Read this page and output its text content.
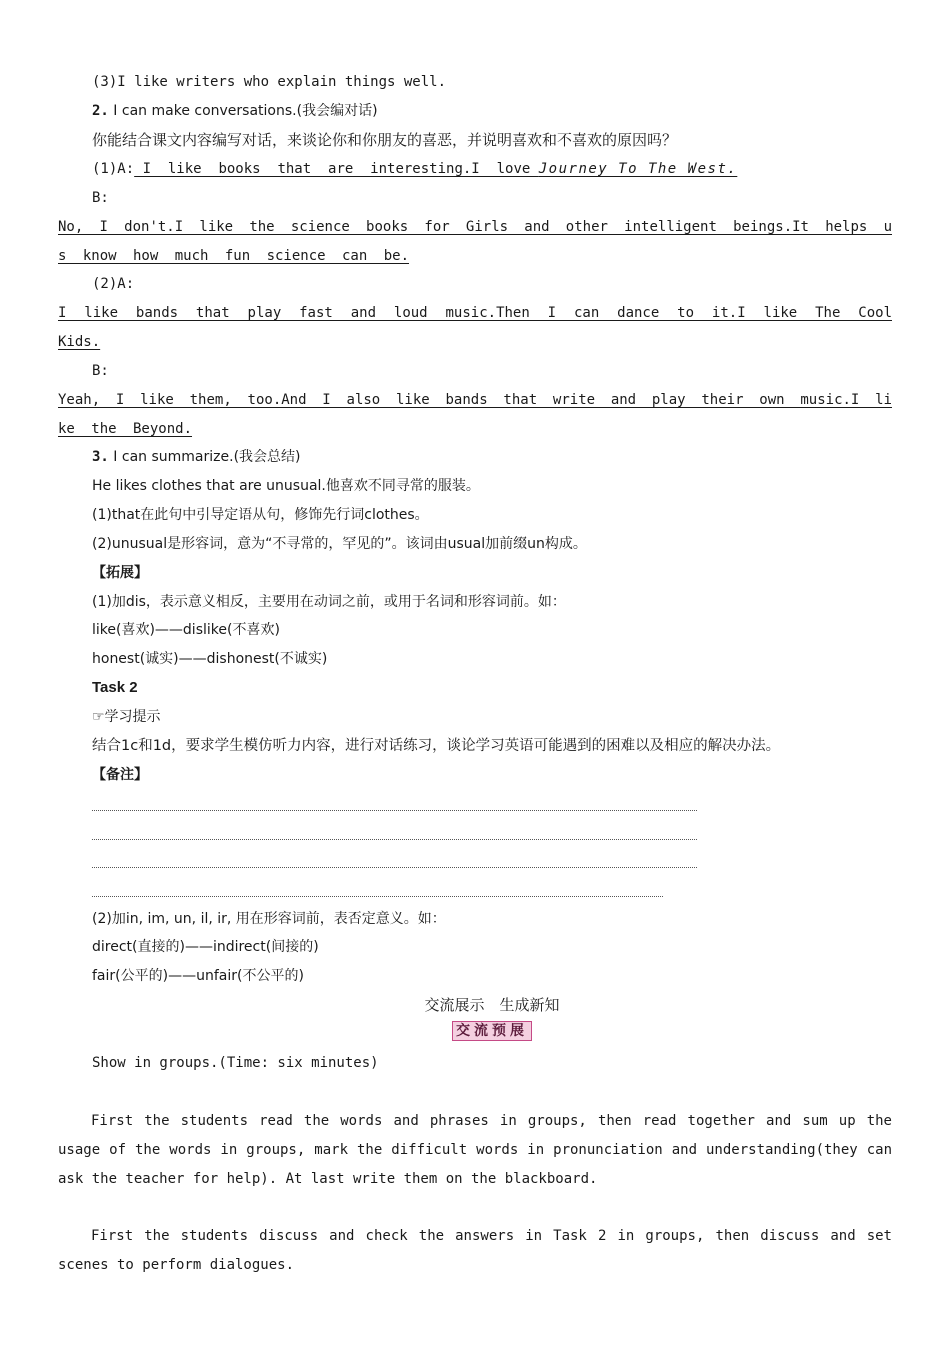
(3)I like writers who explain things well.
2. I can make conversations.(我会编对话)
你能结合课文内容编写对话，来谈论你和你朋友的喜恶，并说明喜欢和不喜欢的原因吗？
(1)A: I  like  books  that  are  interesting.I  love Journey To The West.
B:
No, I don't.I like the science books for Girls and other intelligent beings.It helps u
s know how much fun science can be.
(2)A:
I like bands that play fast and loud music.Then I can dance to it.I like The Cool
Kids.
B:
Yeah, I like them, too.And I also like bands that write and play their own music.I li
ke the Beyond.
3. I can summarize.(我会总结)
He likes clothes that are unusual.他喜欢不同寻常的服装。
(1)that在此句中引导定语从句，修饰先行词clothes。
(2)unusual是形容词，意为“不寻常的，罕见的”。该词由usual加前缀un构成。
【拓展】
(1)加dis，表示意义相反，主要用在动词之前，或用于名词和形容词前。如：
like(喜欢)——dislike(不喜欢)
honest(诚实)——dishonest(不诚实)
Task 2
☞学习提示
结合1c和1d，要求学生模仿听力内容，进行对话练习，谈论学习英语可能遇到的困难以及相应的解决办法。
【备注】
(2)加in, im, un, il, ir, 用在形容词前，表否定意义。如：
direct(直接的)——indirect(间接的)
fair(公平的)——unfair(不公平的)
交流展示　生成新知
交流预展
Show in groups.(Time: six minutes)
First the students read the words and phrases in groups, then read together and sum up the usage of the words in groups, mark the difficult words in pronunciation and understanding(they can ask the teacher for help). At last write them on the blackboard.
First the students discuss and check the answers in Task 2 in groups, then discuss and set scenes to perform dialogues.
